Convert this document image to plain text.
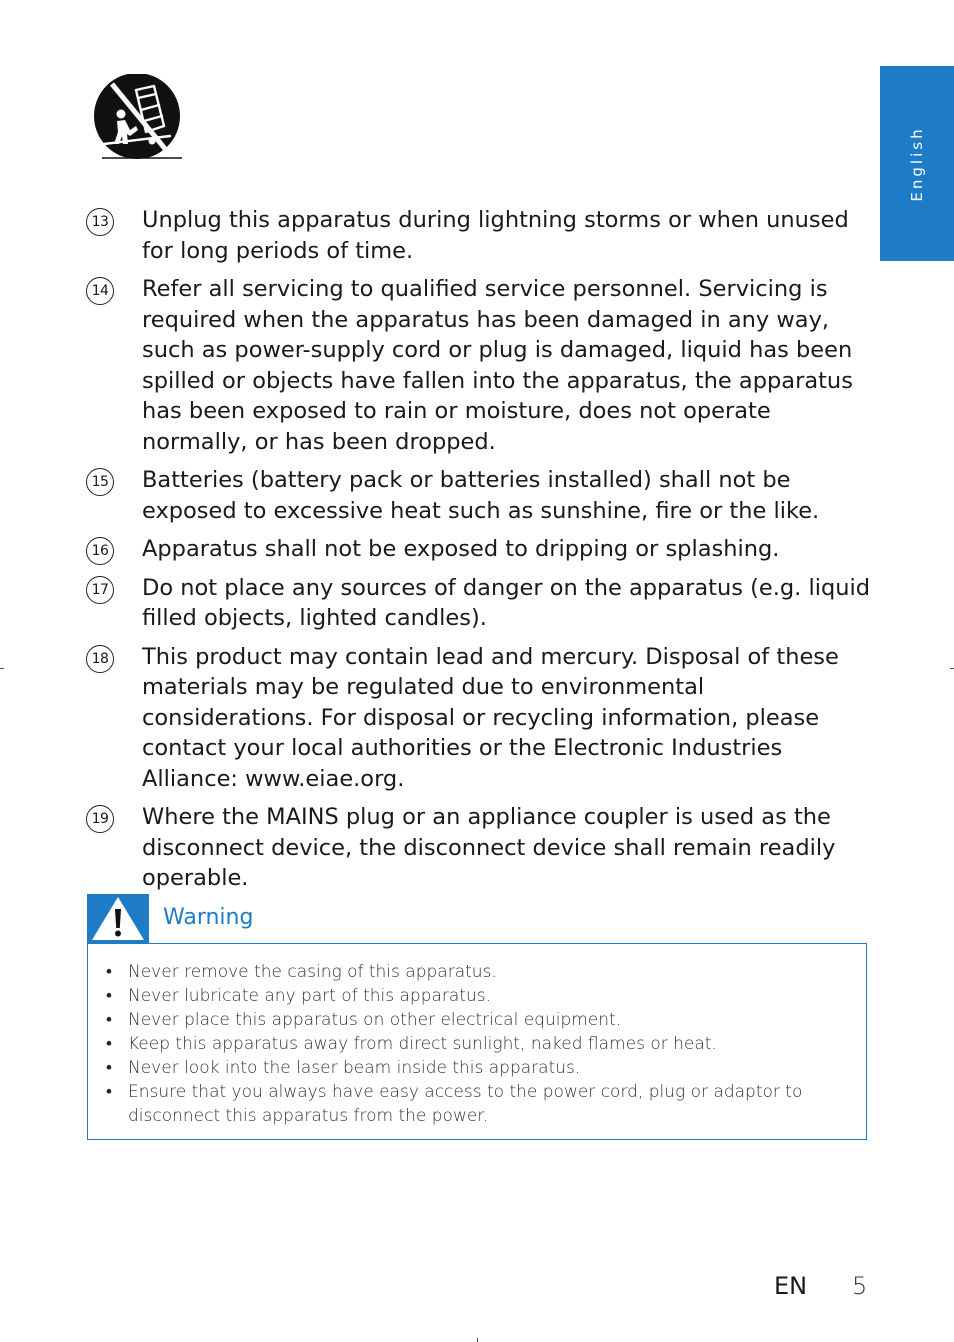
English
13 Unplug this apparatus during lightning storms or when unused for long periods of time.
14 Refer all servicing to qualified service personnel. Servicing is required when the apparatus has been damaged in any way, such as power-supply cord or plug is damaged, liquid has been spilled or objects have fallen into the apparatus, the apparatus has been exposed to rain or moisture, does not operate normally, or has been dropped.
15 Batteries (battery pack or batteries installed) shall not be exposed to excessive heat such as sunshine, fire or the like.
16 Apparatus shall not be exposed to dripping or splashing.
17 Do not place any sources of danger on the apparatus (e.g. liquid filled objects, lighted candles).
18 This product may contain lead and mercury. Disposal of these materials may be regulated due to environmental considerations. For disposal or recycling information, please contact your local authorities or the Electronic Industries Alliance: www.eiae.org.
19 Where the MAINS plug or an appliance coupler is used as the disconnect device, the disconnect device shall remain readily operable.
Warning
• Never remove the casing of this apparatus.
• Never lubricate any part of this apparatus.
• Never place this apparatus on other electrical equipment.
• Keep this apparatus away from direct sunlight, naked flames or heat.
• Never look into the laser beam inside this apparatus.
• Ensure that you always have easy access to the power cord, plug or adaptor to disconnect this apparatus from the power.
EN 5
